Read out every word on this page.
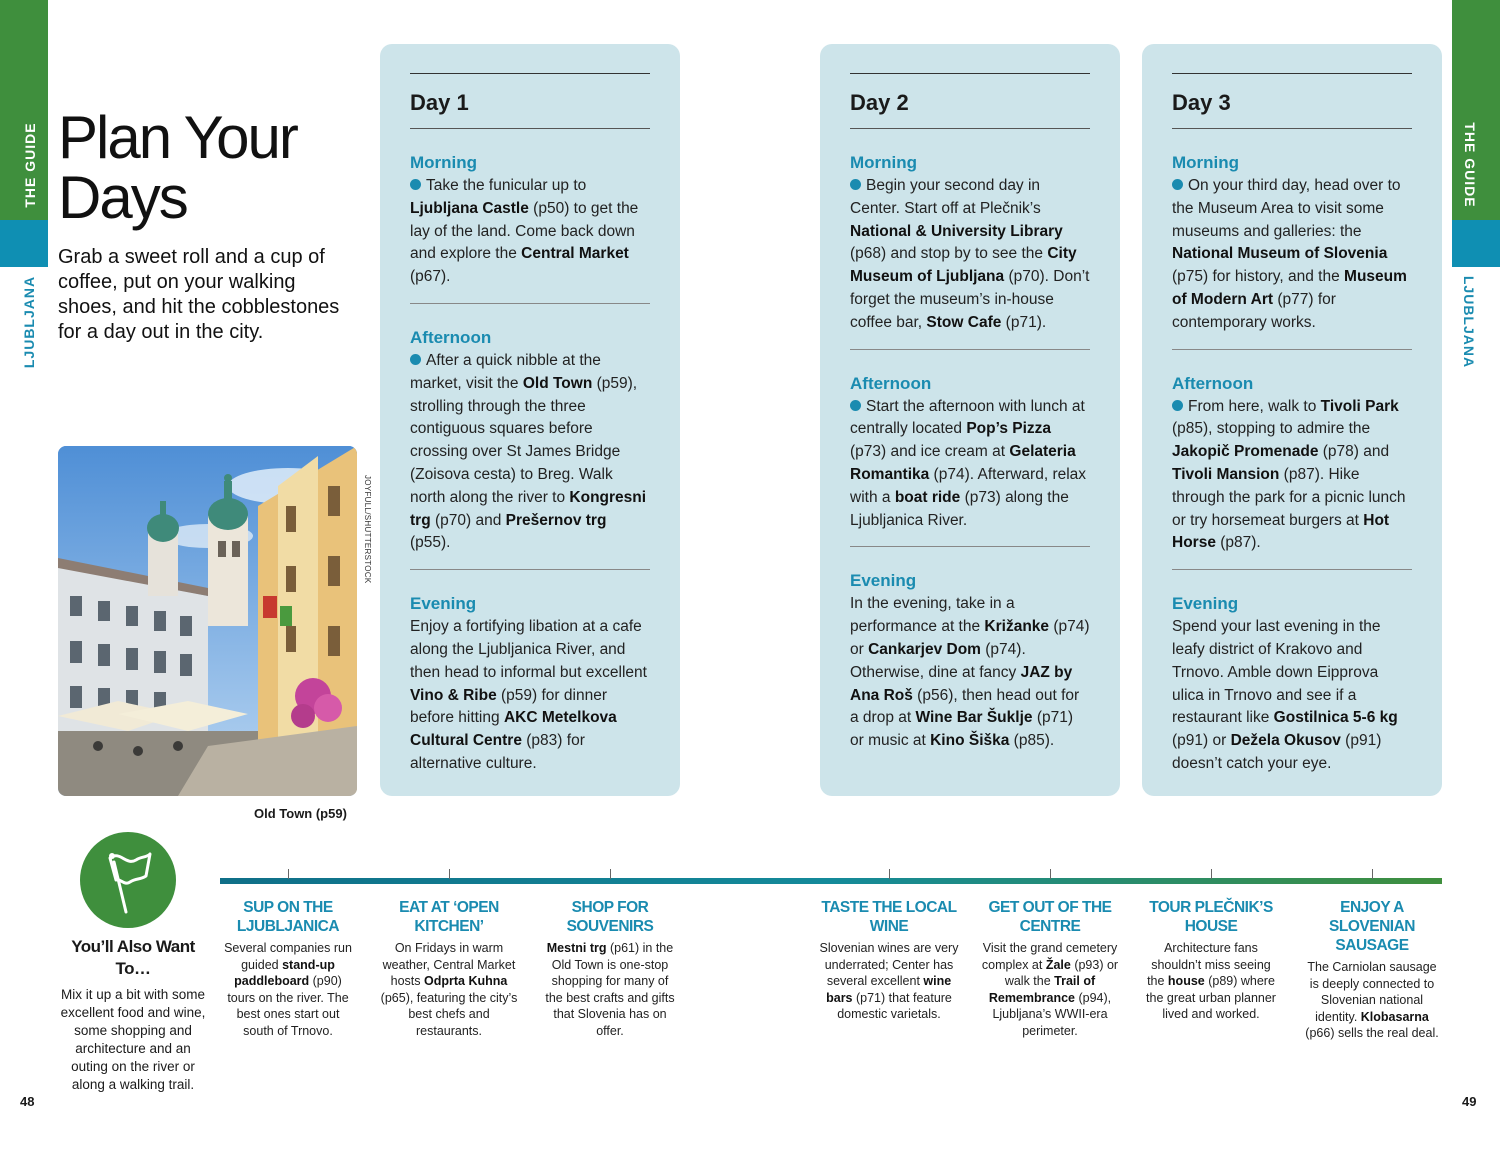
THE GUIDE
LJUBLJANA
THE GUIDE
LJUBLJANA
48	49
Plan Your
Days

Grab a sweet roll and a cup of coffee, put on your walking shoes, and hit the cobblestones for a day out in the city.

JOYFULL/SHUTTERSTOCK
Old Town (p59)
Day 1
Morning
Take the funicular up to Ljubljana Castle (p50) to get the lay of the land. Come back down and explore the Central Market (p67).
Afternoon
After a quick nibble at the market, visit the Old Town (p59), strolling through the three contiguous squares before crossing over St James Bridge (Zoisova cesta) to Breg. Walk north along the river to Kongresni trg (p70) and Prešernov trg (p55).
Evening
Enjoy a fortifying libation at a cafe along the Ljubljanica River, and then head to informal but excellent Vino & Ribe (p59) for dinner before hitting AKC Metelkova Cultural Centre (p83) for alternative culture.
Day 2
Morning
Begin your second day in Center. Start off at Plečnik’s National & University Library (p68) and stop by to see the City Museum of Ljubljana (p70). Don’t forget the museum’s in-house coffee bar, Stow Cafe (p71).
Afternoon
Start the afternoon with lunch at centrally located Pop’s Pizza (p73) and ice cream at Gelateria Romantika (p74). Afterward, relax with a boat ride (p73) along the Ljubljanica River.
Evening
In the evening, take in a performance at the Križanke (p74) or Cankarjev Dom (p74). Otherwise, dine at fancy JAZ by Ana Roš (p56), then head out for a drop at Wine Bar Šuklje (p71) or music at Kino Šiška (p85).
Day 3
Morning
On your third day, head over to the Museum Area to visit some museums and galleries: the National Museum of Slovenia (p75) for history, and the Museum of Modern Art (p77) for contemporary works.
Afternoon
From here, walk to Tivoli Park (p85), stopping to admire the Jakopič Promenade (p78) and Tivoli Mansion (p87). Hike through the park for a picnic lunch or try horsemeat burgers at Hot Horse (p87).
Evening
Spend your last evening in the leafy district of Krakovo and Trnovo. Amble down Eipprova ulica in Trnovo and see if a restaurant like Gostilnica 5-6 kg (p91) or Dežela Okusov (p91) doesn’t catch your eye.
You’ll Also Want To…
Mix it up a bit with some excellent food and wine, some shopping and architecture and an outing on the river or along a walking trail.
SUP ON THE LJUBLJANICA

Several companies run guided stand-up paddleboard (p90) tours on the river. The best ones start out south of Trnovo.

EAT AT ‘OPEN KITCHEN’

On Fridays in warm weather, Central Market hosts Odprta Kuhna (p65), featuring the city’s best chefs and restaurants.

SHOP FOR SOUVENIRS

Mestni trg (p61) in the Old Town is one-stop shopping for many of the best crafts and gifts that Slovenia has on offer.

TASTE THE LOCAL WINE

Slovenian wines are very underrated; Center has several excellent wine bars (p71) that feature domestic varietals.

GET OUT OF THE CENTRE

Visit the grand cemetery complex at Žale (p93) or walk the Trail of Remembrance (p94), Ljubljana’s WWII-era perimeter.

TOUR PLEČNIK’S HOUSE

Architecture fans shouldn’t miss seeing the house (p89) where the great urban planner lived and worked.

ENJOY A SLOVENIAN SAUSAGE

The Carniolan sausage is deeply connected to Slovenian national identity. Klobasarna (p66) sells the real deal.
